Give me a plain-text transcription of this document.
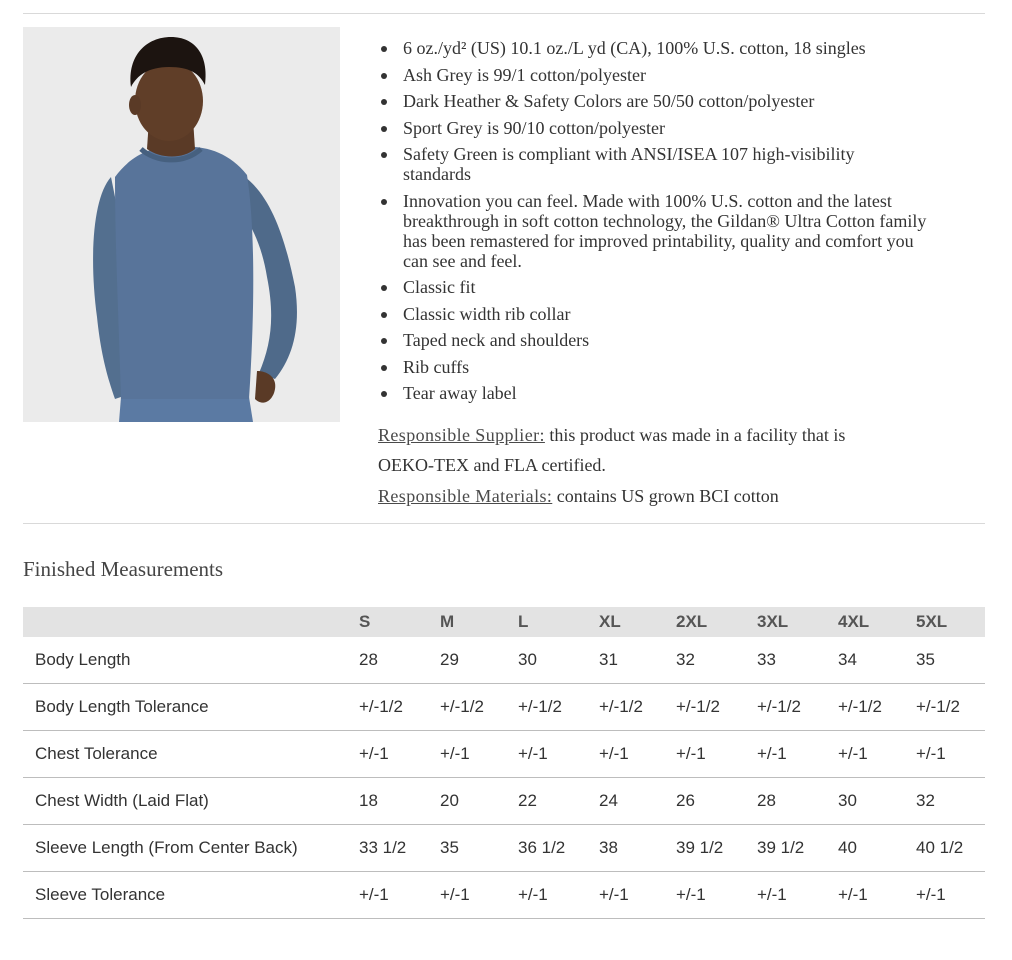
6 oz./yd² (US) 10.1 oz./L yd (CA), 100% U.S. cotton, 18 singles
Ash Grey is 99/1 cotton/polyester
Dark Heather & Safety Colors are 50/50 cotton/polyester
Sport Grey is 90/10 cotton/polyester
Safety Green is compliant with ANSI/ISEA 107 high-visibility standards
Innovation you can feel. Made with 100% U.S. cotton and the latest breakthrough in soft cotton technology, the Gildan® Ultra Cotton family has been remastered for improved printability, quality and comfort you can see and feel.
Classic fit
Classic width rib collar
Taped neck and shoulders
Rib cuffs
Tear away label
Responsible Supplier: this product was made in a facility that is
OEKO-TEX and FLA certified.
Responsible Materials: contains US grown BCI cotton
Finished Measurements
	S	M	L	XL	2XL	3XL	4XL	5XL
Body Length	28	29	30	31	32	33	34	35
Body Length Tolerance	+/-1/2	+/-1/2	+/-1/2	+/-1/2	+/-1/2	+/-1/2	+/-1/2	+/-1/2
Chest Tolerance	+/-1	+/-1	+/-1	+/-1	+/-1	+/-1	+/-1	+/-1
Chest Width (Laid Flat)	18	20	22	24	26	28	30	32
Sleeve Length (From Center Back)	33 1/2	35	36 1/2	38	39 1/2	39 1/2	40	40 1/2
Sleeve Tolerance	+/-1	+/-1	+/-1	+/-1	+/-1	+/-1	+/-1	+/-1
